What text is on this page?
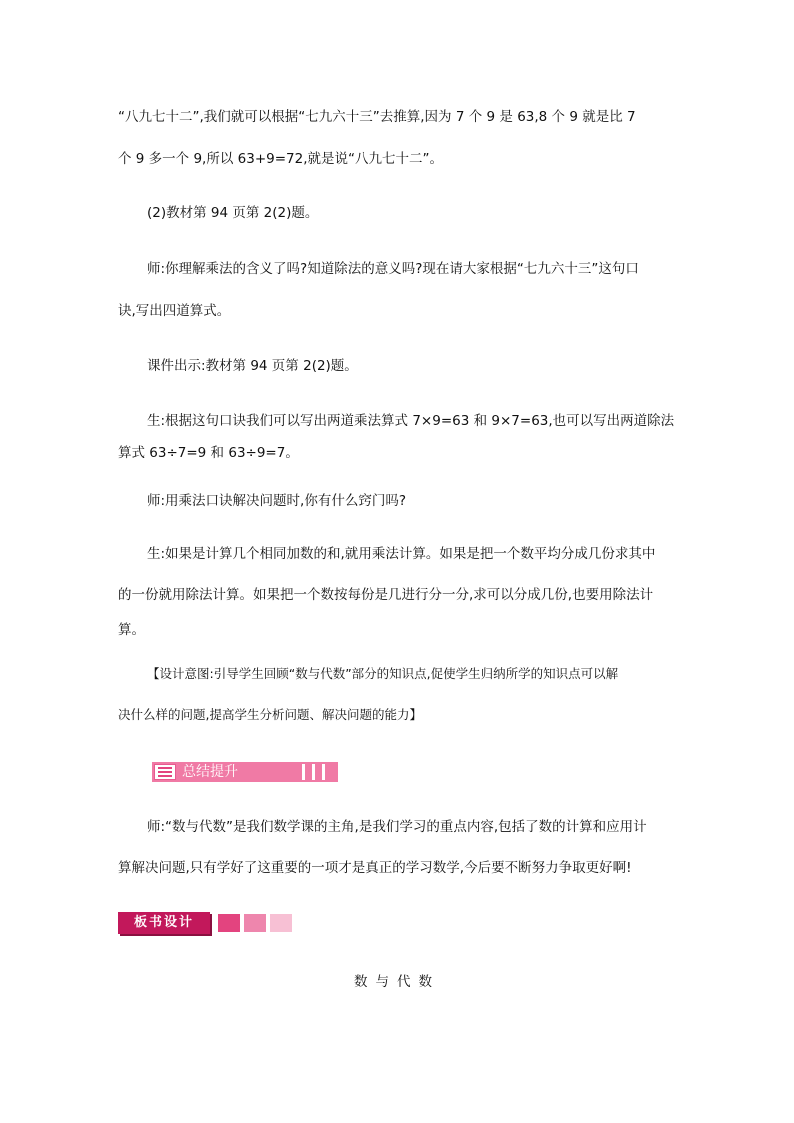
“八九七十二”,我们就可以根据“七九六十三”去推算,因为 7 个 9 是 63,8 个 9 就是比 7
个 9 多一个 9,所以 63+9=72,就是说“八九七十二”。
(2)教材第 94 页第 2(2)题。
师:你理解乘法的含义了吗?知道除法的意义吗?现在请大家根据“七九六十三”这句口
诀,写出四道算式。
课件出示:教材第 94 页第 2(2)题。
生:根据这句口诀我们可以写出两道乘法算式 7×9=63 和 9×7=63,也可以写出两道除法
算式 63÷7=9 和 63÷9=7。
师:用乘法口诀解决问题时,你有什么窍门吗?
生:如果是计算几个相同加数的和,就用乘法计算。如果是把一个数平均分成几份求其中
的一份就用除法计算。如果把一个数按每份是几进行分一分,求可以分成几份,也要用除法计
算。
【设计意图:引导学生回顾“数与代数”部分的知识点,促使学生归纳所学的知识点可以解
决什么样的问题,提高学生分析问题、解决问题的能力】
总结提升
师:“数与代数”是我们数学课的主角,是我们学习的重点内容,包括了数的计算和应用计
算解决问题,只有学好了这重要的一项才是真正的学习数学,今后要不断努力争取更好啊!
板书设计
数与代数
